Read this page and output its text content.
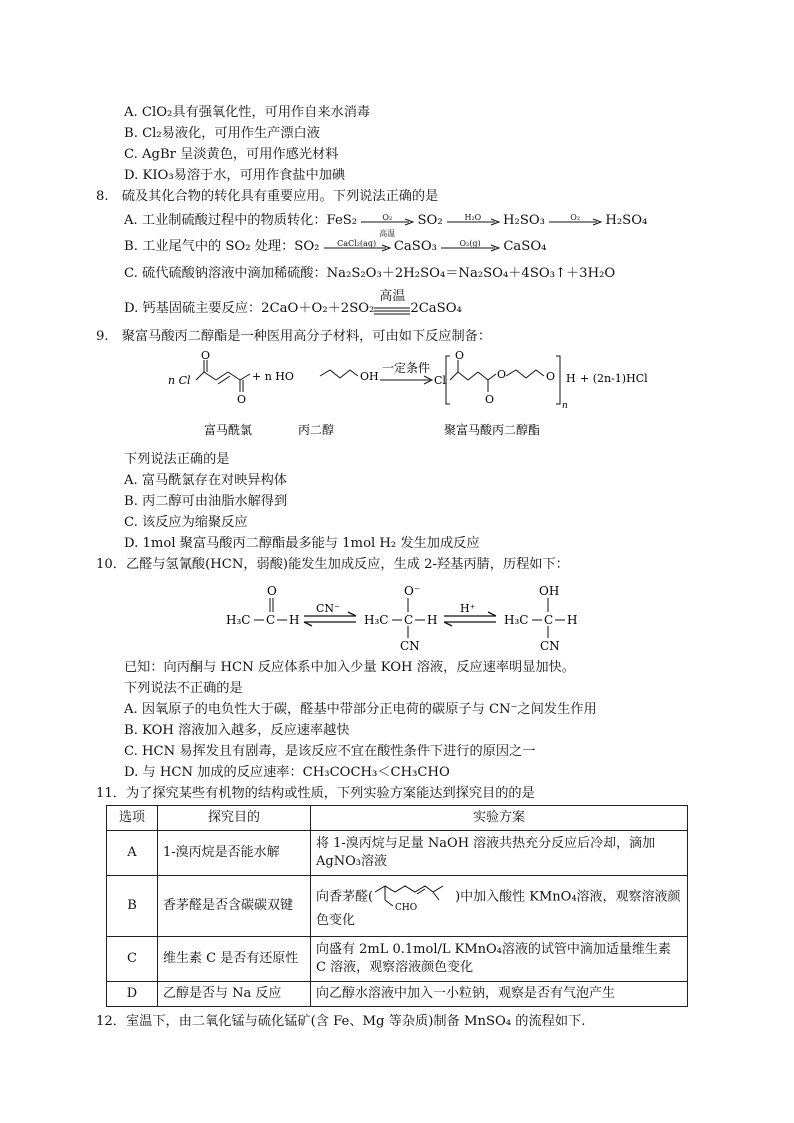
A. ClO₂具有强氧化性，可用作自来水消毒
B. Cl₂易液化，可用作生产漂白液
C. AgBr 呈淡黄色，可用作感光材料
D. KIO₃易溶于水，可用作食盐中加碘
8.　硫及其化合物的转化具有重要应用。下列说法正确的是
A. 工业制硫酸过程中的物质转化：FeS₂	O₂
高温
SO₂	H₂O	H₂SO₃	O₂	H₂SO₄
B. 工业尾气中的 SO₂ 处理：SO₂	CaCl₂(aq)	CaSO₃	O₂(g)	CaSO₄
C. 硫代硫酸钠溶液中滴加稀硫酸：Na₂S₂O₃＋2H₂SO₄＝Na₂SO₄＋4SO₃↑＋3H₂O
D. 钙基固硫主要反应：2CaO＋O₂＋2SO₂
高温
2CaSO₄
9.　聚富马酸丙二醇酯是一种医用高分子材料，可由如下反应制备：
n Cl
O
O
+ n HO	OH
一定条件
Cl
O
O
O	O
n
H + (2n-1)HCl
富马酰氯	丙二醇	聚富马酸丙二醇酯
下列说法正确的是
A. 富马酰氯存在对映异构体
B. 丙二醇可由油脂水解得到
C. 该反应为缩聚反应
D. 1mol 聚富马酸丙二醇酯最多能与 1mol H₂ 发生加成反应
10．乙醛与氢氰酸(HCN，弱酸)能发生加成反应，生成 2-羟基丙腈，历程如下：
H₃C C
O
H
CN⁻
H₃C C
O⁻
H
CN
H⁺
H₃C C
OH
H
CN
已知：向丙酮与 HCN 反应体系中加入少量 KOH 溶液，反应速率明显加快。
下列说法不正确的是
A. 因氧原子的电负性大于碳，醛基中带部分正电荷的碳原子与 CN⁻之间发生作用
B. KOH 溶液加入越多，反应速率越快
C. HCN 易挥发且有剧毒，是该反应不宜在酸性条件下进行的原因之一
D. 与 HCN 加成的反应速率：CH₃COCH₃＜CH₃CHO
11．为了探究某些有机物的结构或性质，下列实验方案能达到探究目的的是
选项	探究目的	实验方案
A	1-溴丙烷是否能水解	将 1-溴丙烷与足量 NaOH 溶液共热充分反应后冷却，滴加 AgNO₃溶液
B	香茅醛是否含碳碳双键	向香茅醛(
CHO
)中加入酸性 KMnO₄溶液，观察溶液颜色变化
C	维生素 C 是否有还原性	向盛有 2mL 0.1mol/L KMnO₄溶液的试管中滴加适量维生素 C 溶液，观察溶液颜色变化
D	乙醇是否与 Na 反应	向乙醇水溶液中加入一小粒钠，观察是否有气泡产生
12．室温下，由二氧化锰与硫化锰矿(含 Fe、Mg 等杂质)制备 MnSO₄ 的流程如下.
